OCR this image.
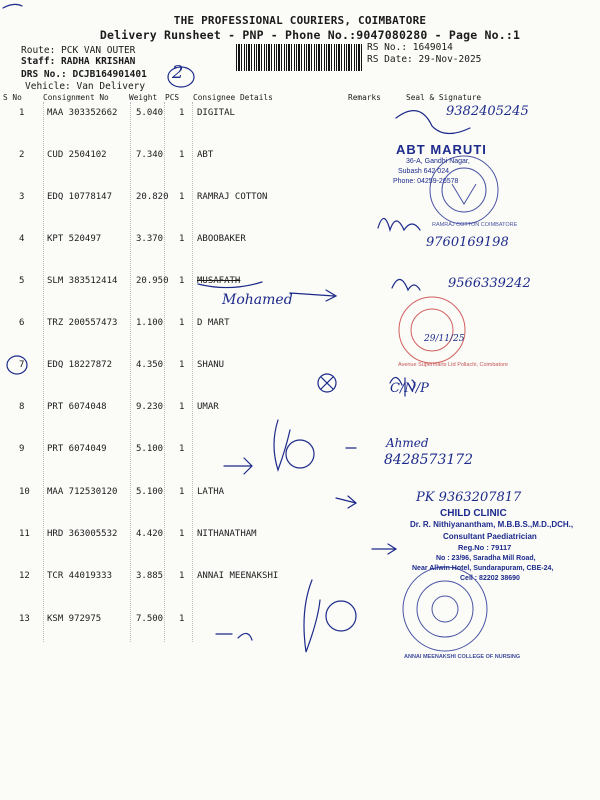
THE PROFESSIONAL COURIERS, COIMBATORE
Delivery Runsheet - PNP - Phone No.:9047080280 - Page No.:1
Route: PCK VAN OUTER
Staff: RADHA KRISHAN
DRS No.: DCJB164901401
Vehicle: Van Delivery
RS No.: 1649014
RS Date: 29-Nov-2025
2
S No	Consignment No	Weight PCS Consignee Details	Remarks	Seal & Signature
1	MAA 303352662 5.040 1 DIGITAL
2	CUD 2504102	7.340 1 ABT
3	EDQ 10778147	20.820 1 RAMRAJ COTTON
4	KPT 520497	3.370 1 ABOOBAKER
5	SLM 383512414 20.950 1 MUSAFATH
6	TRZ 200557473 1.100 1 D MART
7	EDQ 18227872	4.350 1 SHANU
8	PRT 6074048	9.230 1 UMAR
9	PRT 6074049	5.100 1
10 MAA 712530120 5.100 1 LATHA
11 HRD 363005532 4.420 1 NITHANATHAM
12 TCR 44019333	3.885 1 ANNAI MEENAKSHI
13 KSM 972975	7.500 1
ABT MARUTI
36-A, Gandhi Nagar,
Subash 642 024
Phone: 04259-26578
RAMRAJ COTTON COIMBATORE
Avenue Supermarts Ltd Pollachi, Coimbatore
CHILD CLINIC
Dr. R. Nithiyanantham, M.B.B.S.,M.D.,DCH.,
Consultant Paediatrician
Reg.No : 79117
No : 23/96, Saradha Mill Road,
Near Allwin Hotel, Sundarapuram, CBE-24,
Cell : 82202 38690
ANNAI MEENAKSHI COLLEGE OF NURSING
9382405245
9760169198
Mohamed
9566339242
29/11/25
C/N/P
Ahmed
8428573172
PK 9363207817
